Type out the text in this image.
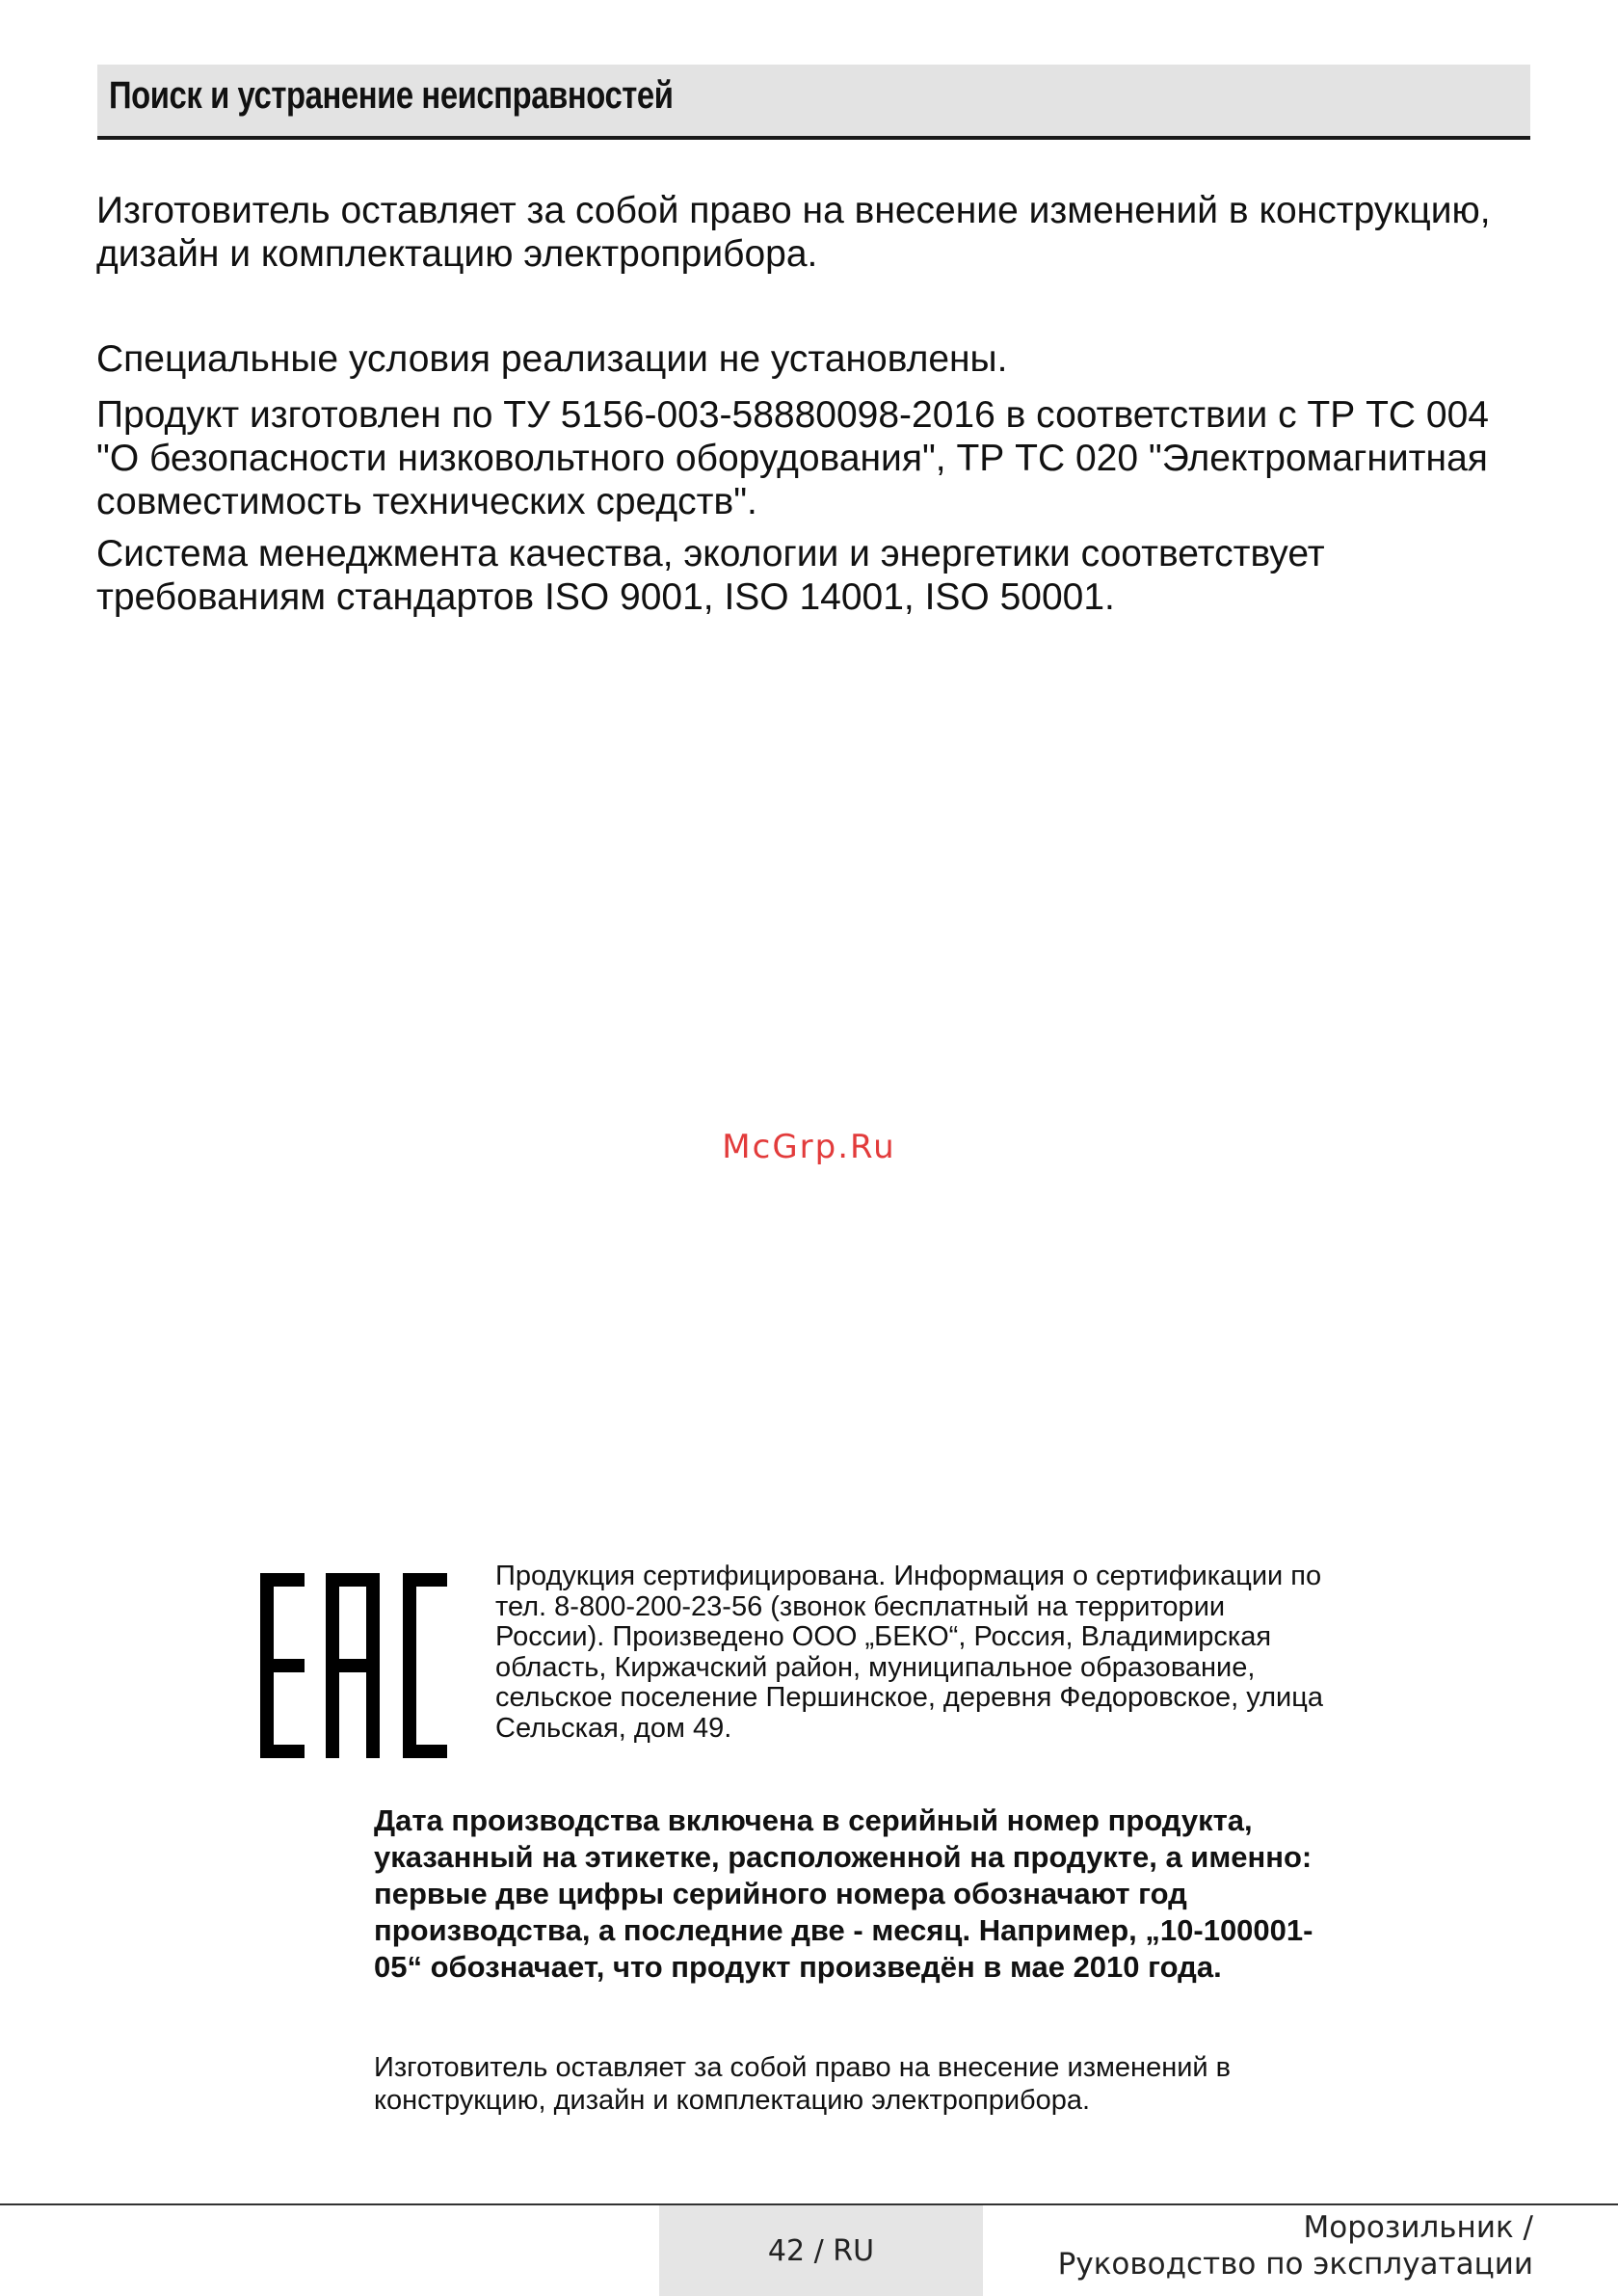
Поиск и устранение неисправностей

Изготовитель оставляет за собой право на внесение изменений в конструкцию, дизайн и комплектацию электроприбора.

Специальные условия реализации не установлены.

Продукт изготовлен по ТУ 5156-003-58880098-2016 в соответствии с ТР ТС 004 "О безопасности низковольтного оборудования", ТР ТС 020 "Электромагнитная совместимость технических средств".

Система менеджмента качества, экологии и энергетики соответствует требованиям стандартов ISO 9001, ISO 14001, ISO 50001.

McGrp.Ru

Продукция сертифицирована. Информация о сертификации по тел. 8-800-200-23-56 (звонок бесплатный на территории России). Произведено ООО „БЕКО“, Россия, Владимирская область, Киржачский район, муниципальное образование, сельское поселение Першинское, деревня Федоровское, улица Сельская, дом 49.

Дата производства включена в серийный номер продукта, указанный на этикетке, расположенной на продукте, а именно: первые две цифры серийного номера обозначают год производства, а последние две - месяц. Например, „10-100001-05“ обозначает, что продукт произведён в мае 2010 года.

Изготовитель оставляет за собой право на внесение изменений в конструкцию, дизайн и комплектацию электроприбора.

42 / RU
Морозильник /
Руководство по эксплуатации
